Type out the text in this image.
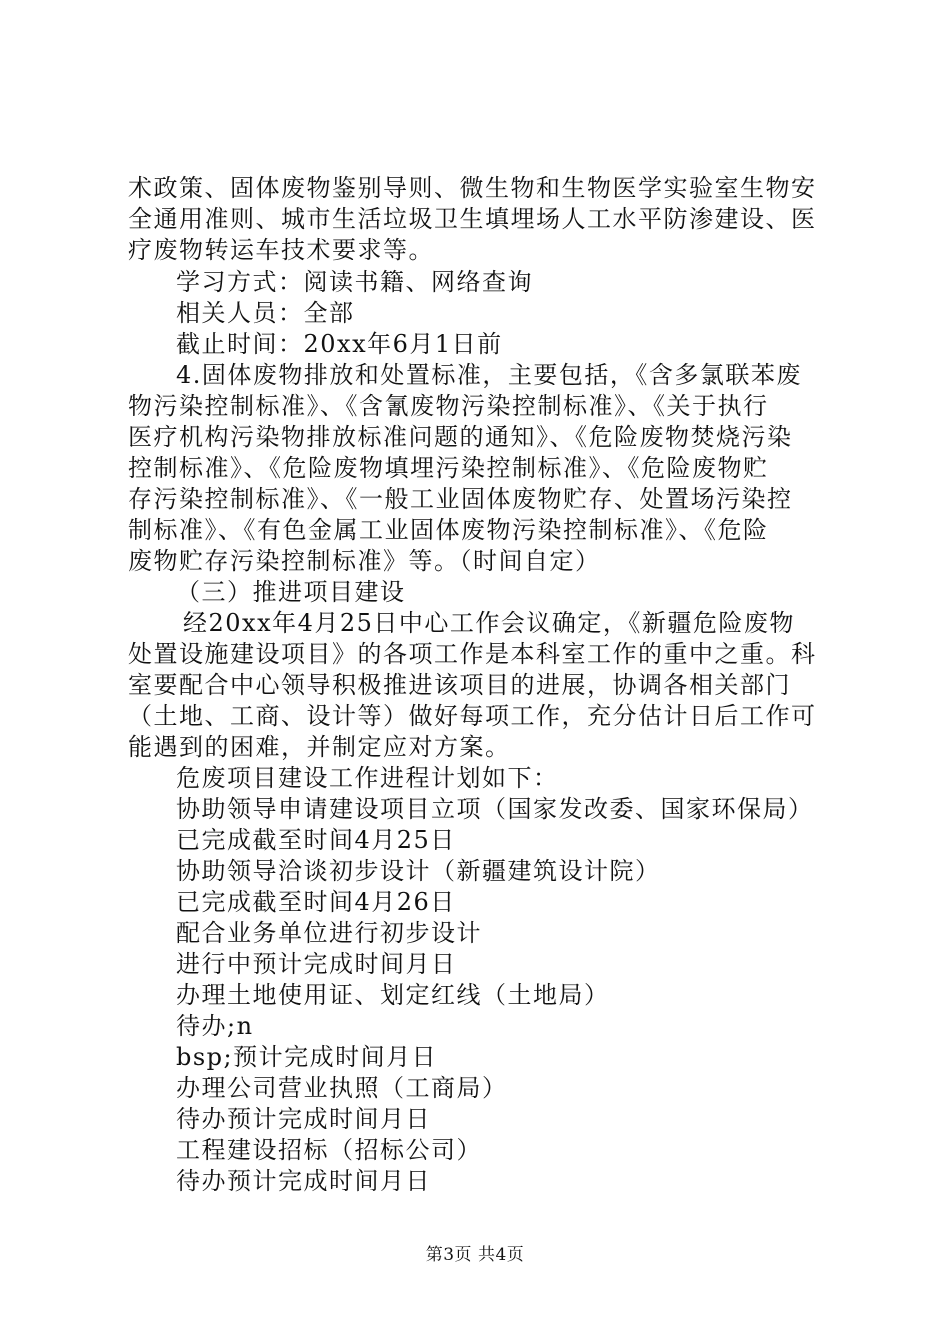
术政策、固体废物鉴别导则、微生物和生物医学实验室生物安
全通用准则、城市生活垃圾卫生填埋场人工水平防渗建设、医
疗废物转运车技术要求等。
学习方式：阅读书籍、网络查询
相关人员：全部
截止时间：20xx年6月1日前
4.固体废物排放和处置标准，主要包括，《含多氯联苯废
物污染控制标准》、《含氰废物污染控制标准》、《关于执行
医疗机构污染物排放标准问题的通知》、《危险废物焚烧污染
控制标准》、《危险废物填埋污染控制标准》、《危险废物贮
存污染控制标准》、《一般工业固体废物贮存、处置场污染控
制标准》、《有色金属工业固体废物污染控制标准》、《危险
废物贮存污染控制标准》等。（时间自定）
（三）推进项目建设
经20xx年4月25日中心工作会议确定，《新疆危险废物
处置设施建设项目》的各项工作是本科室工作的重中之重。科
室要配合中心领导积极推进该项目的进展，协调各相关部门
（土地、工商、设计等）做好每项工作，充分估计日后工作可
能遇到的困难，并制定应对方案。
危废项目建设工作进程计划如下：
协助领导申请建设项目立项（国家发改委、国家环保局）
已完成截至时间4月25日
协助领导洽谈初步设计（新疆建筑设计院）
已完成截至时间4月26日
配合业务单位进行初步设计
进行中预计完成时间月日
办理土地使用证、划定红线（土地局）
待办;n
bsp;预计完成时间月日
办理公司营业执照（工商局）
待办预计完成时间月日
工程建设招标（招标公司）
待办预计完成时间月日
第3页 共4页
